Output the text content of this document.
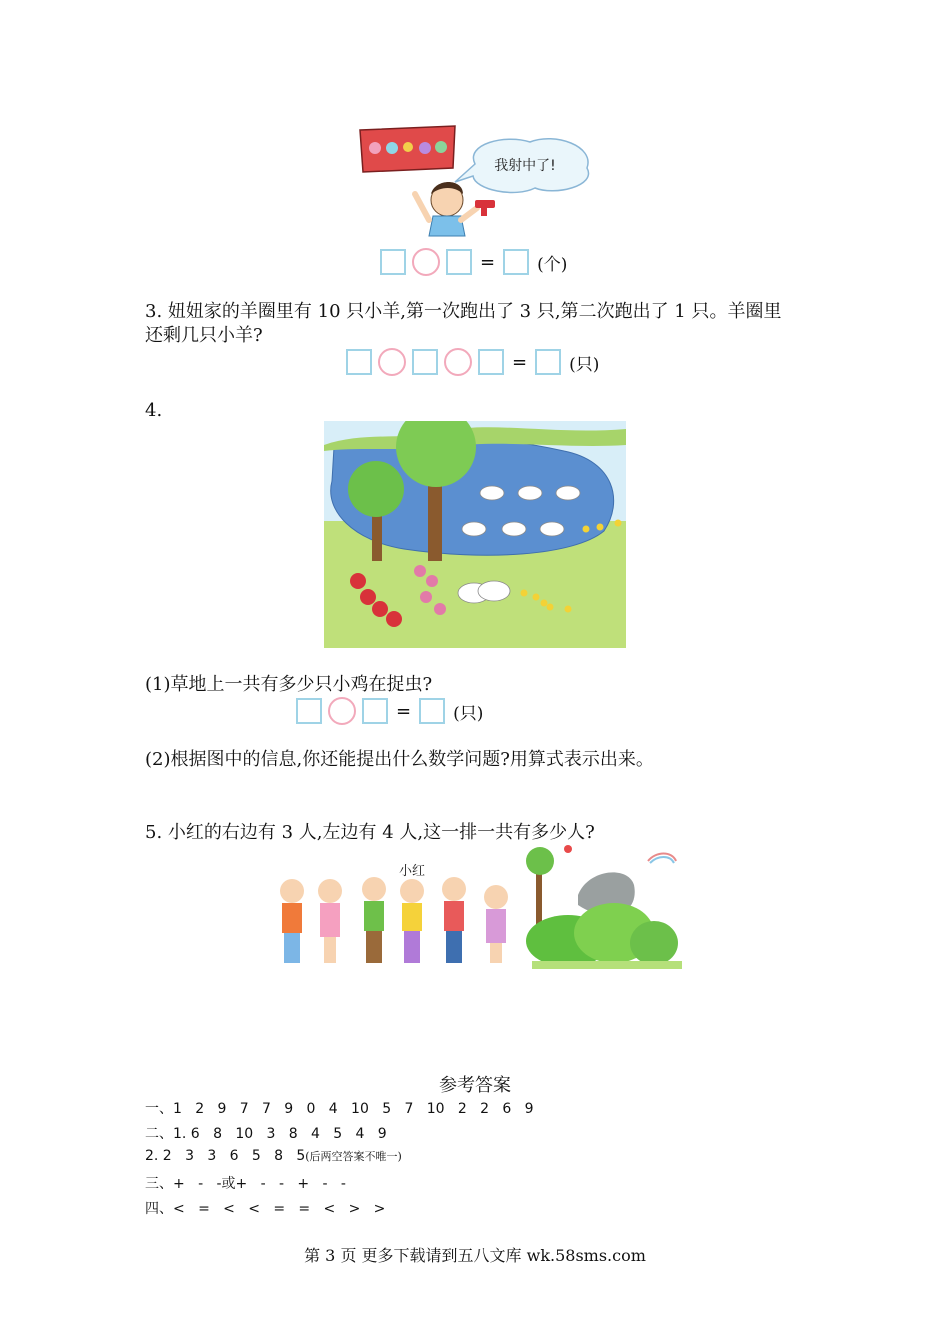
我射中了!
= (个)
3. 妞妞家的羊圈里有 10 只小羊,第一次跑出了 3 只,第二次跑出了 1 只。羊圈里
还剩几只小羊?
= (只)
4.
(1)草地上一共有多少只小鸡在捉虫?
= (只)
(2)根据图中的信息,你还能提出什么数学问题?用算式表示出来。
5. 小红的右边有 3 人,左边有 4 人,这一排一共有多少人?
小红
参考答案
一、1   2   9   7   7   9   0   4   10   5   7   10   2   2   6   9
二、1. 6   8   10   3   8   4   5   4   9
2. 2   3   3   6   5   8   5(后两空答案不唯一)
三、+   -   -或+   -   -   +   -   -
四、<   =   <   <   =   =   <   >   >
第 3 页 更多下载请到五八文库 wk.58sms.com
